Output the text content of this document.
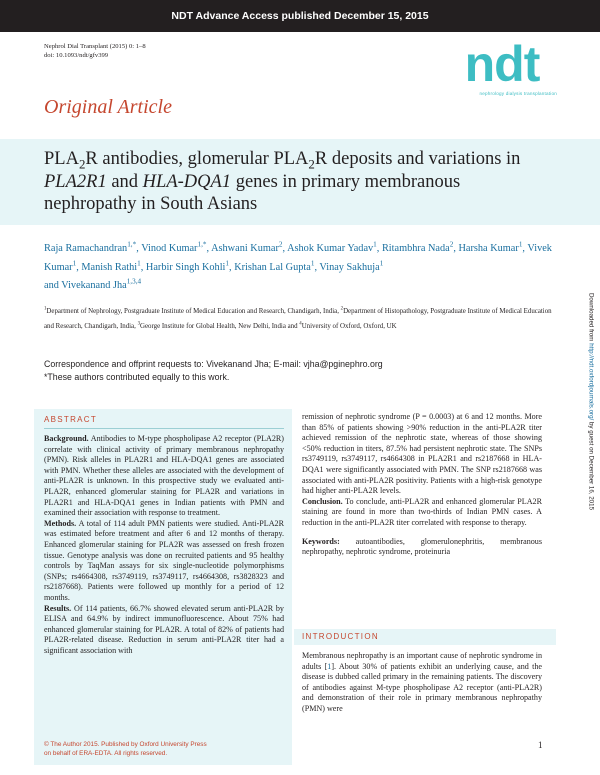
NDT Advance Access published December 15, 2015
Nephrol Dial Transplant (2015) 0: 1–8
doi: 10.1093/ndt/gfv399	ndt
nephrology dialysis transplantation
Original Article
$PLA_2R$ antibodies, glomerular $PLA_2R$ deposits and variations in PLA2R1 and HLA-DQA1 genes in primary membranous nephropathy in South Asians
Raja Ramachandran$^{1,*}$, Vinod Kumar$^{1,*}$, Ashwani Kumar$^2$, Ashok Kumar Yadav$^1$, Ritambhra Nada$^2$, Harsha Kumar$^1$, Vivek Kumar$^1$, Manish Rathi$^1$, Harbir Singh Kohli$^1$, Krishan Lal Gupta$^1$, Vinay Sakhuja$^1$
and Vivekanand Jha$^{1,3,4}$
$^1$Department of Nephrology, Postgraduate Institute of Medical Education and Research, Chandigarh, India, $^2$Department of Histopathology, Postgraduate Institute of Medical Education and Research, Chandigarh, India, $^3$George Institute for Global Health, New Delhi, India and $^4$University of Oxford, Oxford, UK
Correspondence and offprint requests to: Vivekanand Jha; E-mail: vjha@pginephro.org
*These authors contributed equally to this work.
Downloaded from http://ndt.oxfordjournals.org/ by guest on December 16, 2015
ABSTRACT

Background. Antibodies to M-type phospholipase A2 receptor (PLA2R) correlate with clinical activity of primary membranous nephropathy (PMN). Risk alleles in PLA2R1 and HLA-DQA1 genes are associated with PMN. Whether these alleles are associated with the development of anti-PLA2R is unknown. In this prospective study we evaluated anti-PLA2R, enhanced glomerular staining for PLA2R and variations in PLA2R1 and HLA-DQA1 genes in Indian patients with PMN and examined their association with response to treatment.

Methods. A total of 114 adult PMN patients were studied. Anti-PLA2R was estimated before treatment and after 6 and 12 months of therapy. Enhanced glomerular staining for PLA2R was assessed on fresh frozen tissue. Genotype analysis was done on recruited patients and 95 healthy controls by TaqMan assays for six single-nucleotide polymorphisms (SNPs; rs4664308, rs3749119, rs3749117, rs4664308, rs3828323 and rs2187668). Patients were followed up monthly for a period of 12 months.

Results. Of 114 patients, 66.7% showed elevated serum anti-PLA2R by ELISA and 64.9% by indirect immunofluorescence. About 75% had enhanced glomerular staining for PLA2R. A total of 82% of patients had PLA2R-related disease. Reduction in serum anti-PLA2R titer had a significant association with

remission of nephrotic syndrome (P = 0.0003) at 6 and 12 months. More than 85% of patients showing >90% reduction in the anti-PLA2R titer achieved remission of the nephrotic state, whereas of those showing <50% reduction in titers, 87.5% had persistent nephrotic state. The SNPs rs3749119, rs3749117, rs4664308 in PLA2R1 and rs2187668 in HLA-DQA1 were significantly associated with PMN. The SNP rs2187668 was associated with anti-PLA2R positivity. Patients with a high-risk genotype had higher anti-PLA2R levels.

Conclusion. To conclude, anti-PLA2R and enhanced glomerular PLA2R staining are found in more than two-thirds of Indian PMN cases. A reduction in the anti-PLA2R titer correlated with response to therapy.

Keywords: autoantibodies, glomerulonephritis, membranous nephropathy, nephrotic syndrome, proteinuria

INTRODUCTION
Membranous nephropathy is an important cause of nephrotic syndrome in adults [1]. About 30% of patients exhibit an underlying cause, and the disease is dubbed called primary in the remaining patients. The discovery of antibodies against M-type phospholipase A2 receptor (anti-PLA2R) and demonstration of their role in primary membranous nephropathy (PMN) were
© The Author 2015. Published by Oxford University Press
on behalf of ERA-EDTA. All rights reserved.
1
